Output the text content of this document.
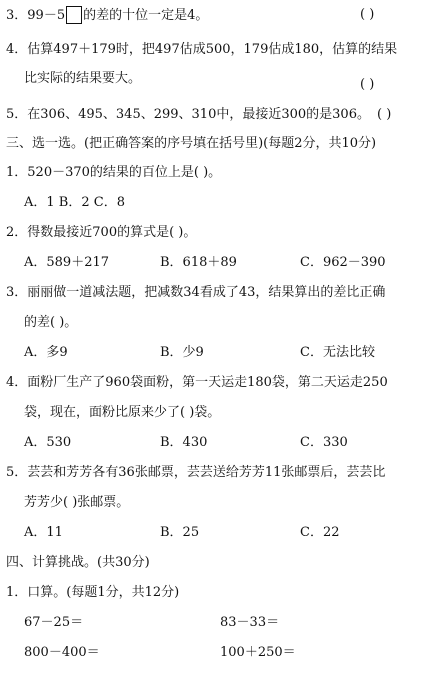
3．99－5 的差的十位一定是4。	( )
4．估算497＋179时，把497估成500，179估成180，估算的结果
比实际的结果要大。	( )
5．在306、495、345、299、310中，最接近300的是306。 ( )
三、选一选。(把正确答案的序号填在括号里)(每题2分，共10分)
1．520－370的结果的百位上是( )。
A．1 B．2 C．8
2．得数最接近700的算式是( )。
A．589＋217	B．618＋89	C．962－390
3．丽丽做一道减法题，把减数34看成了43，结果算出的差比正确
的差( )。
A．多9	B．少9	C．无法比较
4．面粉厂生产了960袋面粉，第一天运走180袋，第二天运走250
袋，现在，面粉比原来少了( )袋。
A．530	B．430	C．330
5．芸芸和芳芳各有36张邮票，芸芸送给芳芳11张邮票后，芸芸比
芳芳少( )张邮票。
A．11	B．25	C．22
四、计算挑战。(共30分)
1．口算。(每题1分，共12分)
67－25＝	83－33＝
800－400＝	100＋250＝
